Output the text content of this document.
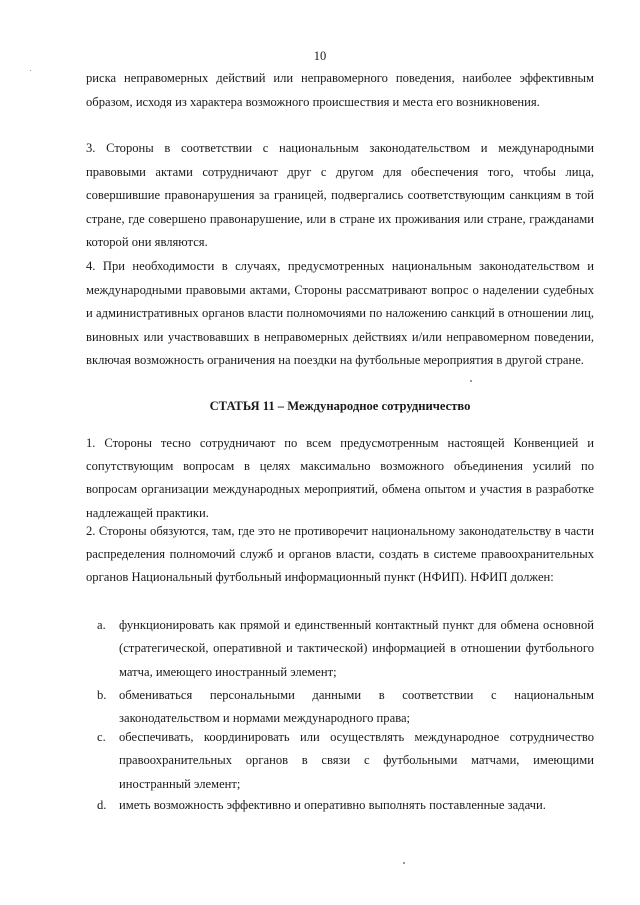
10
риска неправомерных действий или неправомерного поведения, наиболее эффективным образом, исходя из характера возможного происшествия и места его возникновения.
3. Стороны в соответствии с национальным законодательством и международными правовыми актами сотрудничают друг с другом для обеспечения того, чтобы лица, совершившие правонарушения за границей, подвергались соответствующим санкциям в той стране, где совершено правонарушение, или в стране их проживания или стране, гражданами которой они являются.
4. При необходимости в случаях, предусмотренных национальным законодательством и международными правовыми актами, Стороны рассматривают вопрос о наделении судебных и административных органов власти полномочиями по наложению санкций в отношении лиц, виновных или участвовавших в неправомерных действиях и/или неправомерном поведении, включая возможность ограничения на поездки на футбольные мероприятия в другой стране.
СТАТЬЯ 11 – Международное сотрудничество
1. Стороны тесно сотрудничают по всем предусмотренным настоящей Конвенцией и сопутствующим вопросам в целях максимально возможного объединения усилий по вопросам организации международных мероприятий, обмена опытом и участия в разработке надлежащей практики.
2. Стороны обязуются, там, где это не противоречит национальному законодательству в части распределения полномочий служб и органов власти, создать в системе правоохранительных органов Национальный футбольный информационный пункт (НФИП). НФИП должен:
a. функционировать как прямой и единственный контактный пункт для обмена основной (стратегической, оперативной и тактической) информацией в отношении футбольного матча, имеющего иностранный элемент;
b. обмениваться персональными данными в соответствии с национальным законодательством и нормами международного права;
c. обеспечивать, координировать или осуществлять международное сотрудничество правоохранительных органов в связи с футбольными матчами, имеющими иностранный элемент;
d. иметь возможность эффективно и оперативно выполнять поставленные задачи.
